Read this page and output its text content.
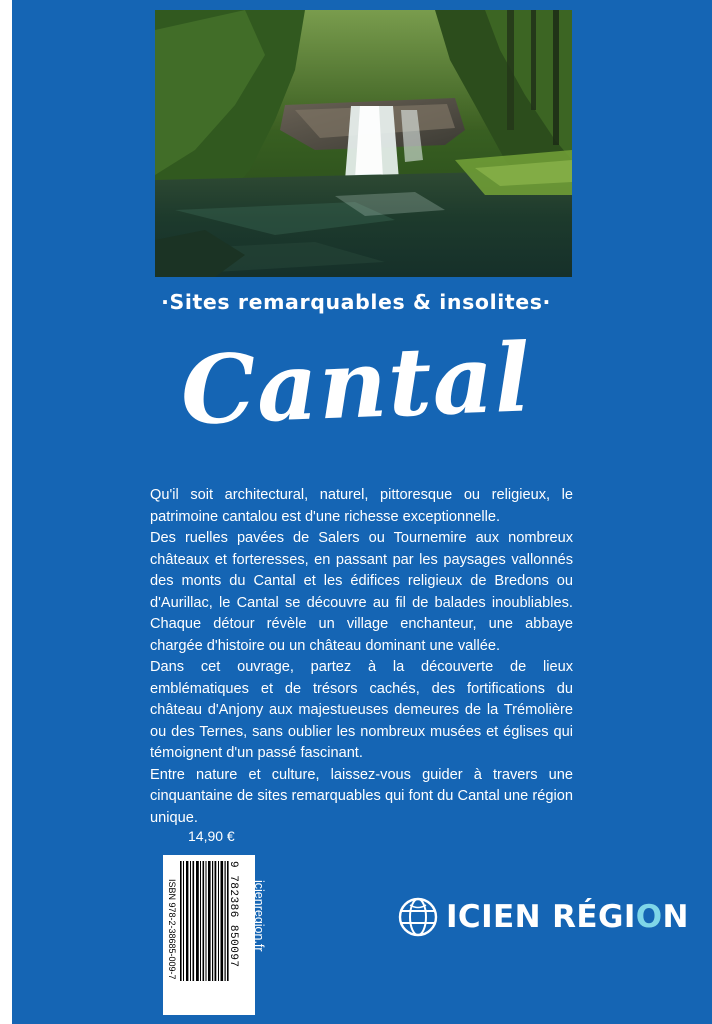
·Sites remarquables & insolites·
Cantal

Qu'il soit architectural, naturel, pittoresque ou religieux, le patrimoine cantalou est d'une richesse exceptionnelle.

Des ruelles pavées de Salers ou Tournemire aux nombreux châteaux et forteresses, en passant par les paysages vallonnés des monts du Cantal et les édifices religieux de Bredons ou d'Aurillac, le Cantal se découvre au fil de balades inoubliables. Chaque détour révèle un village enchanteur, une abbaye chargée d'histoire ou un château dominant une vallée.

Dans cet ouvrage, partez à la découverte de lieux emblématiques et de trésors cachés, des fortifications du château d'Anjony aux majestueuses demeures de la Trémolière ou des Ternes, sans oublier les nombreux musées et églises qui témoignent d'un passé fascinant.

Entre nature et culture, laissez-vous guider à travers une cinquantaine de sites remarquables qui font du Cantal une région unique.

14,90 €
ISBN 978-2-38685-009-7	9 782386 850097 icienregion.fr	ICIEN RÉGION
